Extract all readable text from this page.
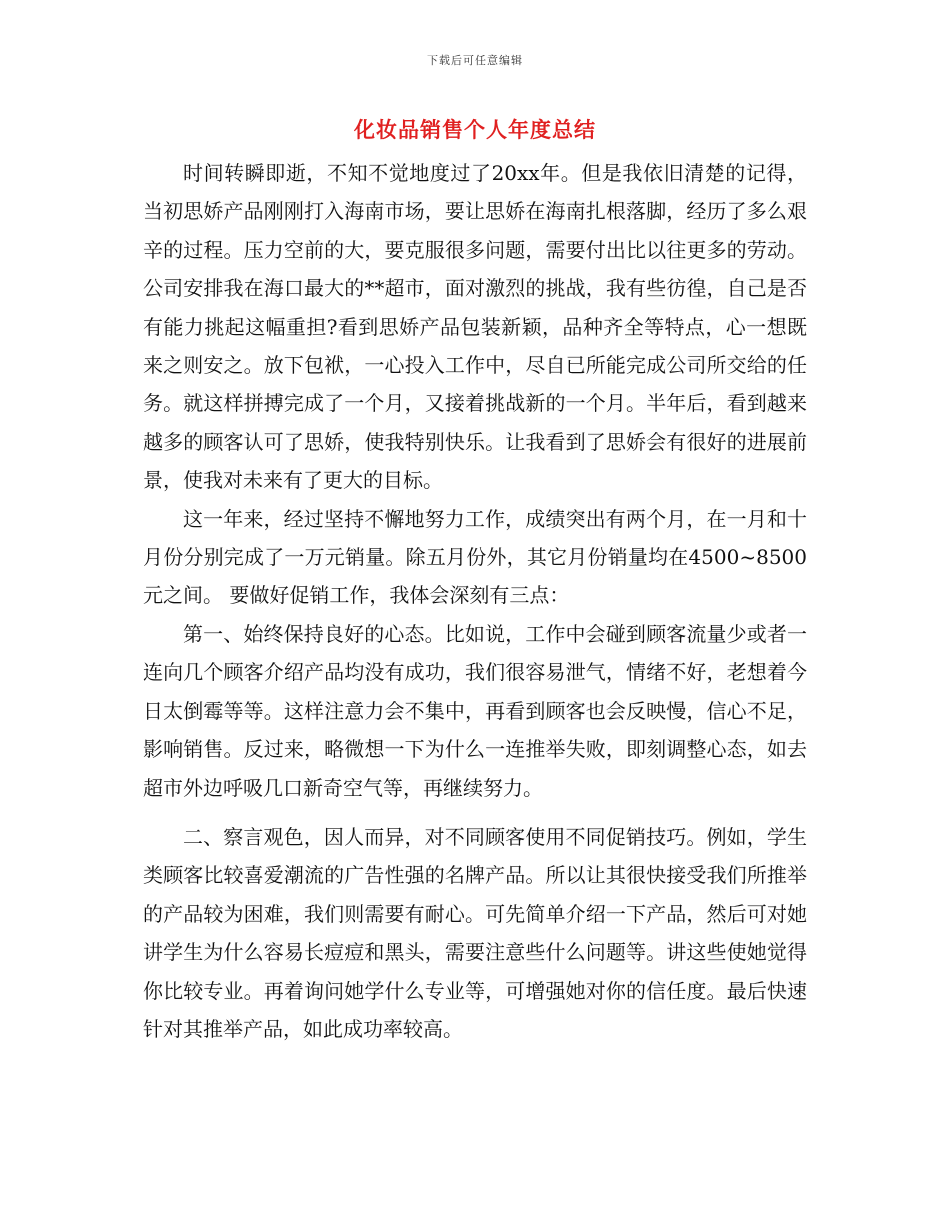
下载后可任意编辑
化妆品销售个人年度总结

时间转瞬即逝，不知不觉地度过了20xx年。但是我依旧清楚的记得，当初思娇产品刚刚打入海南市场，要让思娇在海南扎根落脚，经历了多么艰辛的过程。压力空前的大，要克服很多问题，需要付出比以往更多的劳动。公司安排我在海口最大的**超市，面对激烈的挑战，我有些彷徨，自己是否有能力挑起这幅重担?看到思娇产品包装新颖，品种齐全等特点，心一想既来之则安之。放下包袱，一心投入工作中，尽自已所能完成公司所交给的任务。就这样拼搏完成了一个月，又接着挑战新的一个月。半年后，看到越来越多的顾客认可了思娇，使我特别快乐。让我看到了思娇会有很好的进展前景，使我对未来有了更大的目标。

这一年来，经过坚持不懈地努力工作，成绩突出有两个月，在一月和十月份分别完成了一万元销量。除五月份外，其它月份销量均在4500~8500元之间。 要做好促销工作，我体会深刻有三点：

第一、始终保持良好的心态。比如说，工作中会碰到顾客流量少或者一连向几个顾客介绍产品均没有成功，我们很容易泄气，情绪不好，老想着今日太倒霉等等。这样注意力会不集中，再看到顾客也会反映慢，信心不足，影响销售。反过来，略微想一下为什么一连推举失败，即刻调整心态，如去超市外边呼吸几口新奇空气等，再继续努力。

二、察言观色，因人而异，对不同顾客使用不同促销技巧。例如，学生类顾客比较喜爱潮流的广告性强的名牌产品。所以让其很快接受我们所推举的产品较为困难，我们则需要有耐心。可先简单介绍一下产品，然后可对她讲学生为什么容易长痘痘和黑头，需要注意些什么问题等。讲这些使她觉得你比较专业。再着询问她学什么专业等，可增强她对你的信任度。最后快速针对其推举产品，如此成功率较高。
